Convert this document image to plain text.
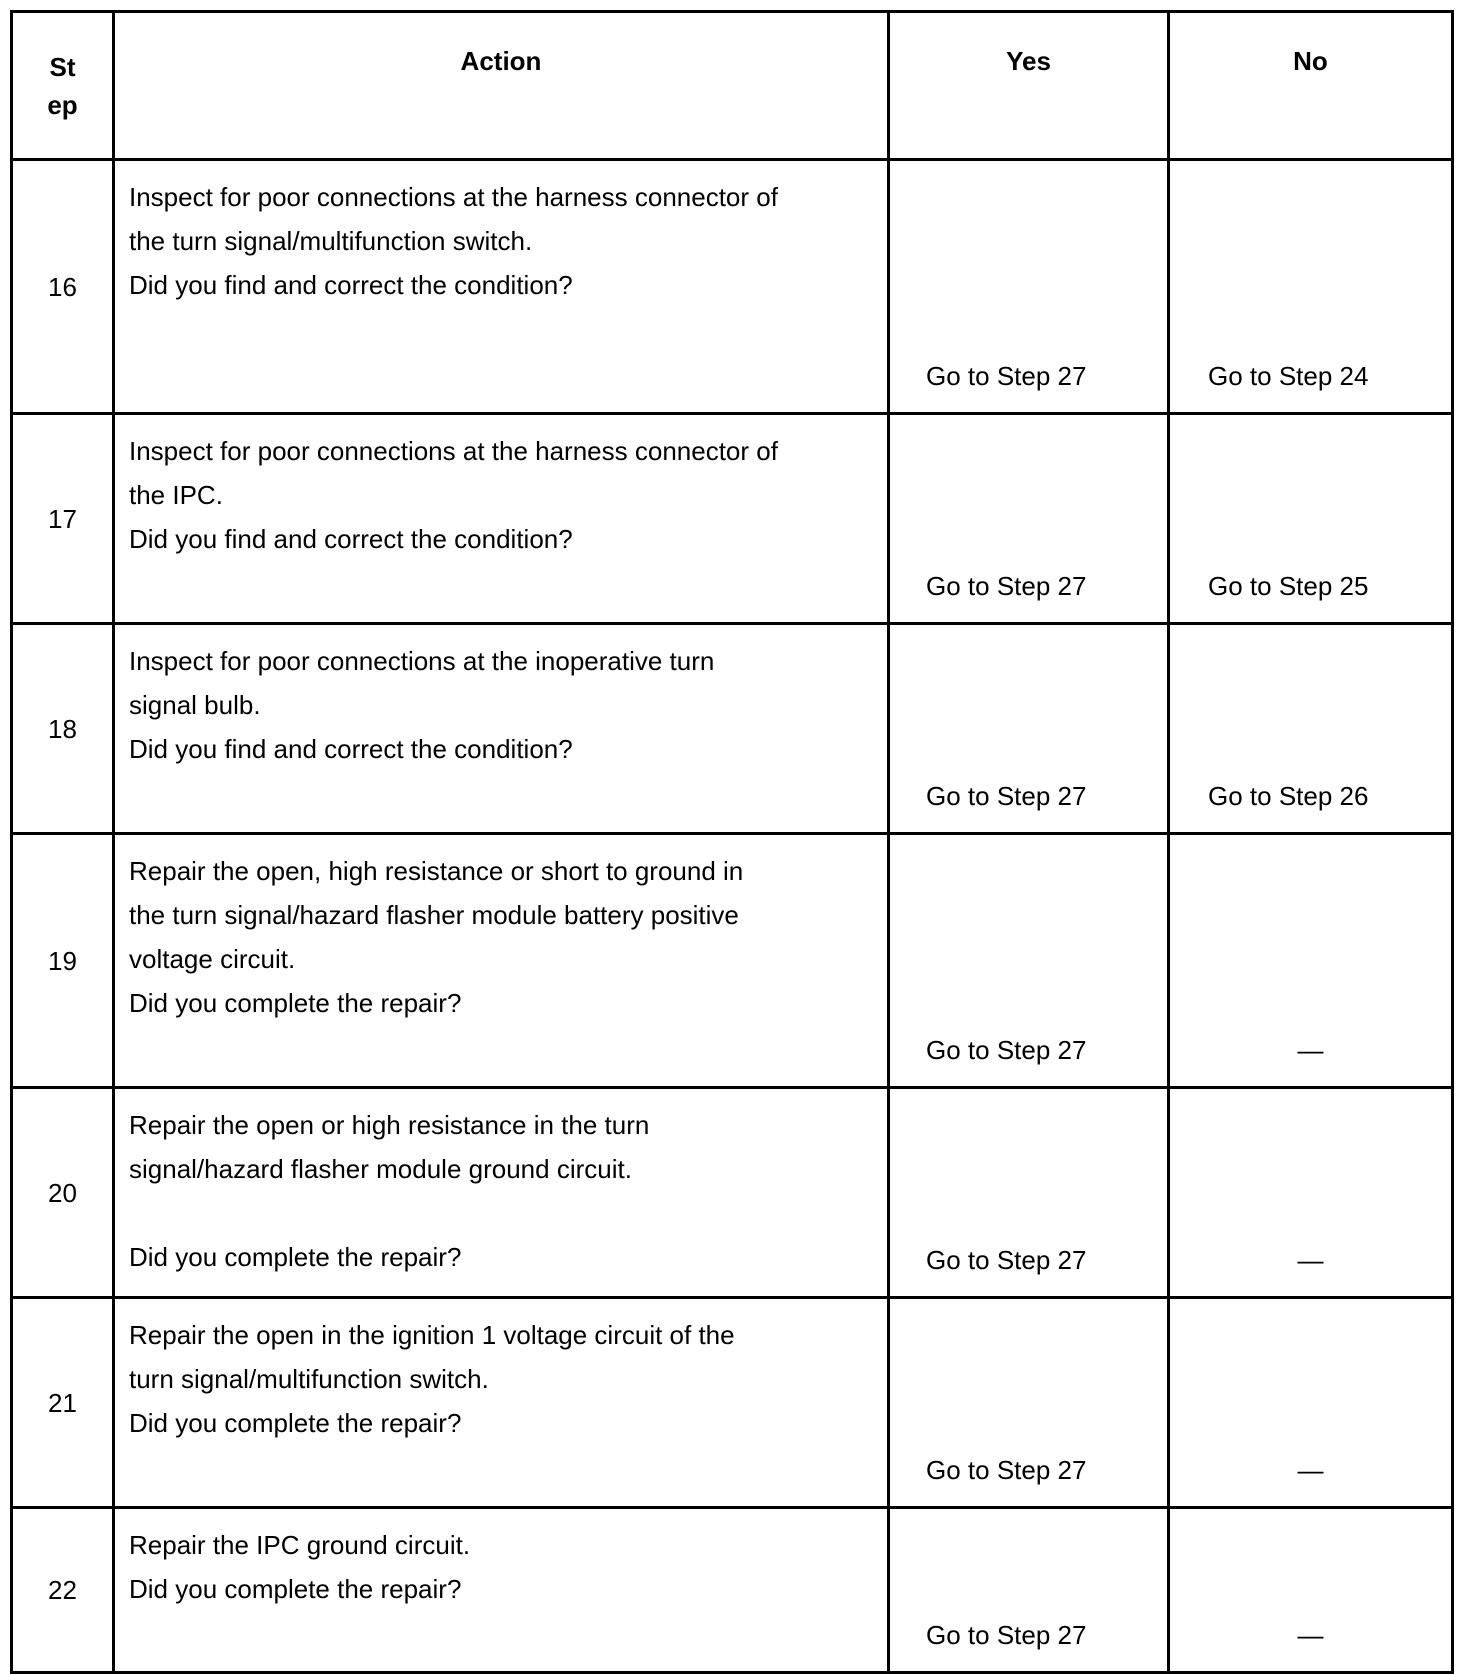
St
ep	Action	Yes	No

16	Inspect for poor connections at the harness connector of
the turn signal/multifunction switch.
Did you find and correct the condition?	Go to Step 27	Go to Step 24

17	Inspect for poor connections at the harness connector of
the IPC.
Did you find and correct the condition?	Go to Step 27	Go to Step 25

18	Inspect for poor connections at the inoperative turn
signal bulb.
Did you find and correct the condition?	Go to Step 27	Go to Step 26

19	Repair the open, high resistance or short to ground in
the turn signal/hazard flasher module battery positive
voltage circuit.
Did you complete the repair?	Go to Step 27	—

20	Repair the open or high resistance in the turn
signal/hazard flasher module ground circuit.
Did you complete the repair?	Go to Step 27	—

21	Repair the open in the ignition 1 voltage circuit of the
turn signal/multifunction switch.
Did you complete the repair?	Go to Step 27	—

22	Repair the IPC ground circuit.
Did you complete the repair?	Go to Step 27	—
